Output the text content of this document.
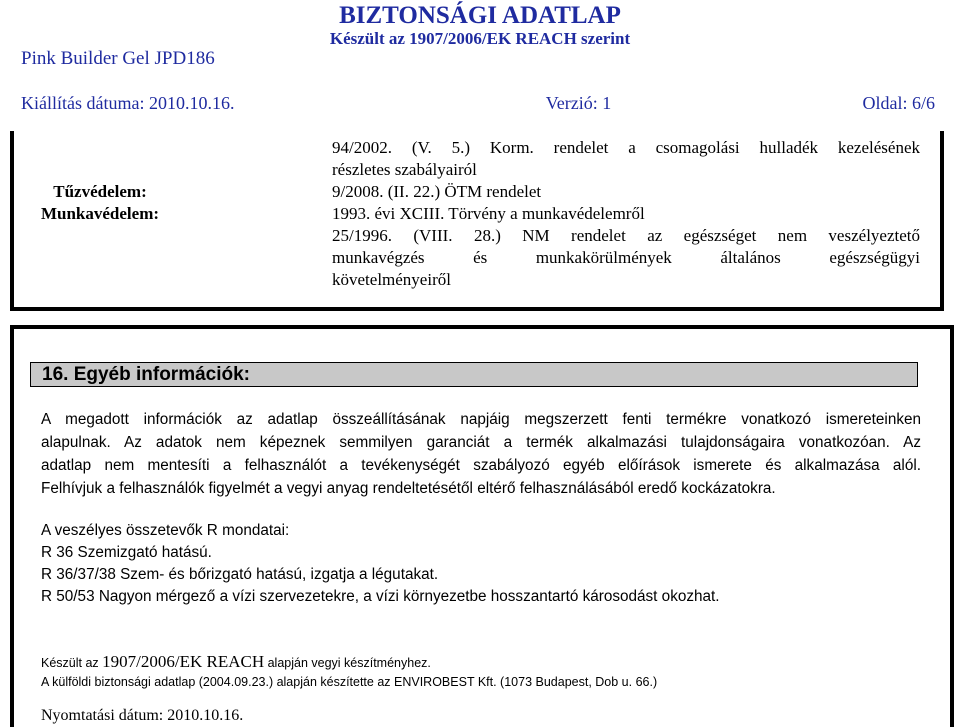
BIZTONSÁGI ADATLAP
Készült az 1907/2006/EK REACH szerint
Pink Builder Gel JPD186
Kiállítás dátuma: 2010.10.16.	Verzió: 1	Oldal: 6/6
94/2002. (V. 5.) Korm. rendelet a csomagolási hulladék kezelésének
részletes szabályairól
Tűzvédelem:	9/2008. (II. 22.) ÖTM rendelet
Munkavédelem:	1993. évi XCIII. Törvény a munkavédelemről
25/1996. (VIII. 28.) NM rendelet az egészséget nem veszélyeztető
munkavégzés és munkakörülmények általános egészségügyi
követelményeiről
16. Egyéb információk:
A megadott információk az adatlap összeállításának napjáig megszerzett fenti termékre vonatkozó ismereteinken
alapulnak. Az adatok nem képeznek semmilyen garanciát a termék alkalmazási tulajdonságaira vonatkozóan. Az
adatlap nem mentesíti a felhasználót a tevékenységét szabályozó egyéb előírások ismerete és alkalmazása alól.
Felhívjuk a felhasználók figyelmét a vegyi anyag rendeltetésétől eltérő felhasználásából eredő kockázatokra.
A veszélyes összetevők R mondatai:
R 36 Szemizgató hatású.
R 36/37/38 Szem- és bőrizgató hatású, izgatja a légutakat.
R 50/53 Nagyon mérgező a vízi szervezetekre, a vízi környezetbe hosszantartó károsodást okozhat.
Készült az 1907/2006/EK REACH alapján vegyi készítményhez.
A külföldi biztonsági adatlap (2004.09.23.) alapján készítette az ENVIROBEST Kft. (1073 Budapest, Dob u. 66.)
Nyomtatási dátum: 2010.10.16.
